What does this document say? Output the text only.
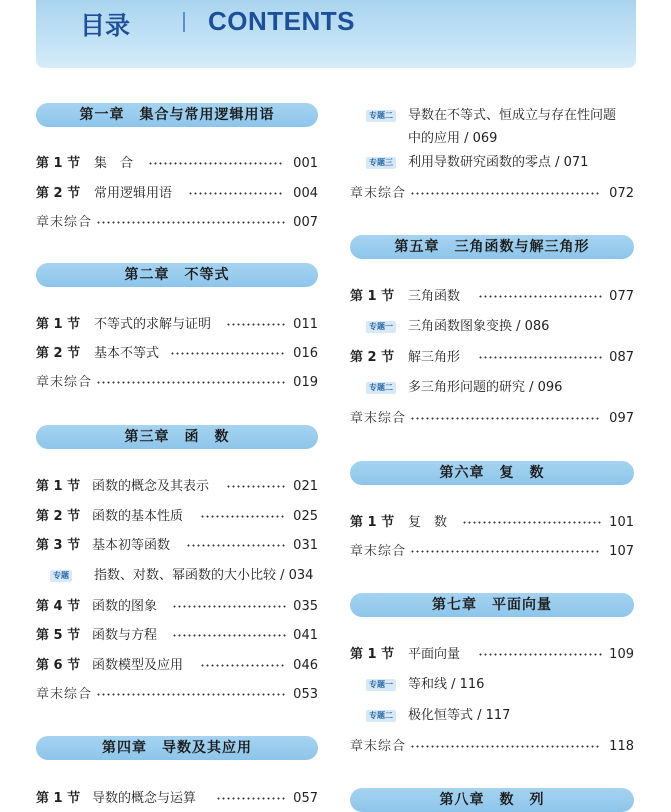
目录	CONTENTS
第一章　集合与常用逻辑用语
第 1 节 集　合	001
第 2 节 常用逻辑用语	004
章末综合	007
第二章　不等式
第 1 节 不等式的求解与证明	011
第 2 节 基本不等式	016
章末综合	019
第三章　函　数
第 1 节 函数的概念及其表示	021
第 2 节 函数的基本性质	025
第 3 节 基本初等函数	031
专题 指数、对数、幂函数的大小比较 / 034
第 4 节 函数的图象	035
第 5 节 函数与方程	041
第 6 节 函数模型及应用	046
章末综合	053
第四章　导数及其应用
第 1 节 导数的概念与运算	057
专题二 导数在不等式、恒成立与存在性问题
中的应用 / 069
专题三 利用导数研究函数的零点 / 071
章末综合	072
第五章　三角函数与解三角形
第 1 节 三角函数	077
专题一 三角函数图象变换 / 086
第 2 节 解三角形	087
专题二 多三角形问题的研究 / 096
章末综合	097
第六章　复　数
第 1 节 复　数	101
章末综合	107
第七章　平面向量
第 1 节 平面向量	109
专题一 等和线 / 116
专题二 极化恒等式 / 117
章末综合	118
第八章　数　列
